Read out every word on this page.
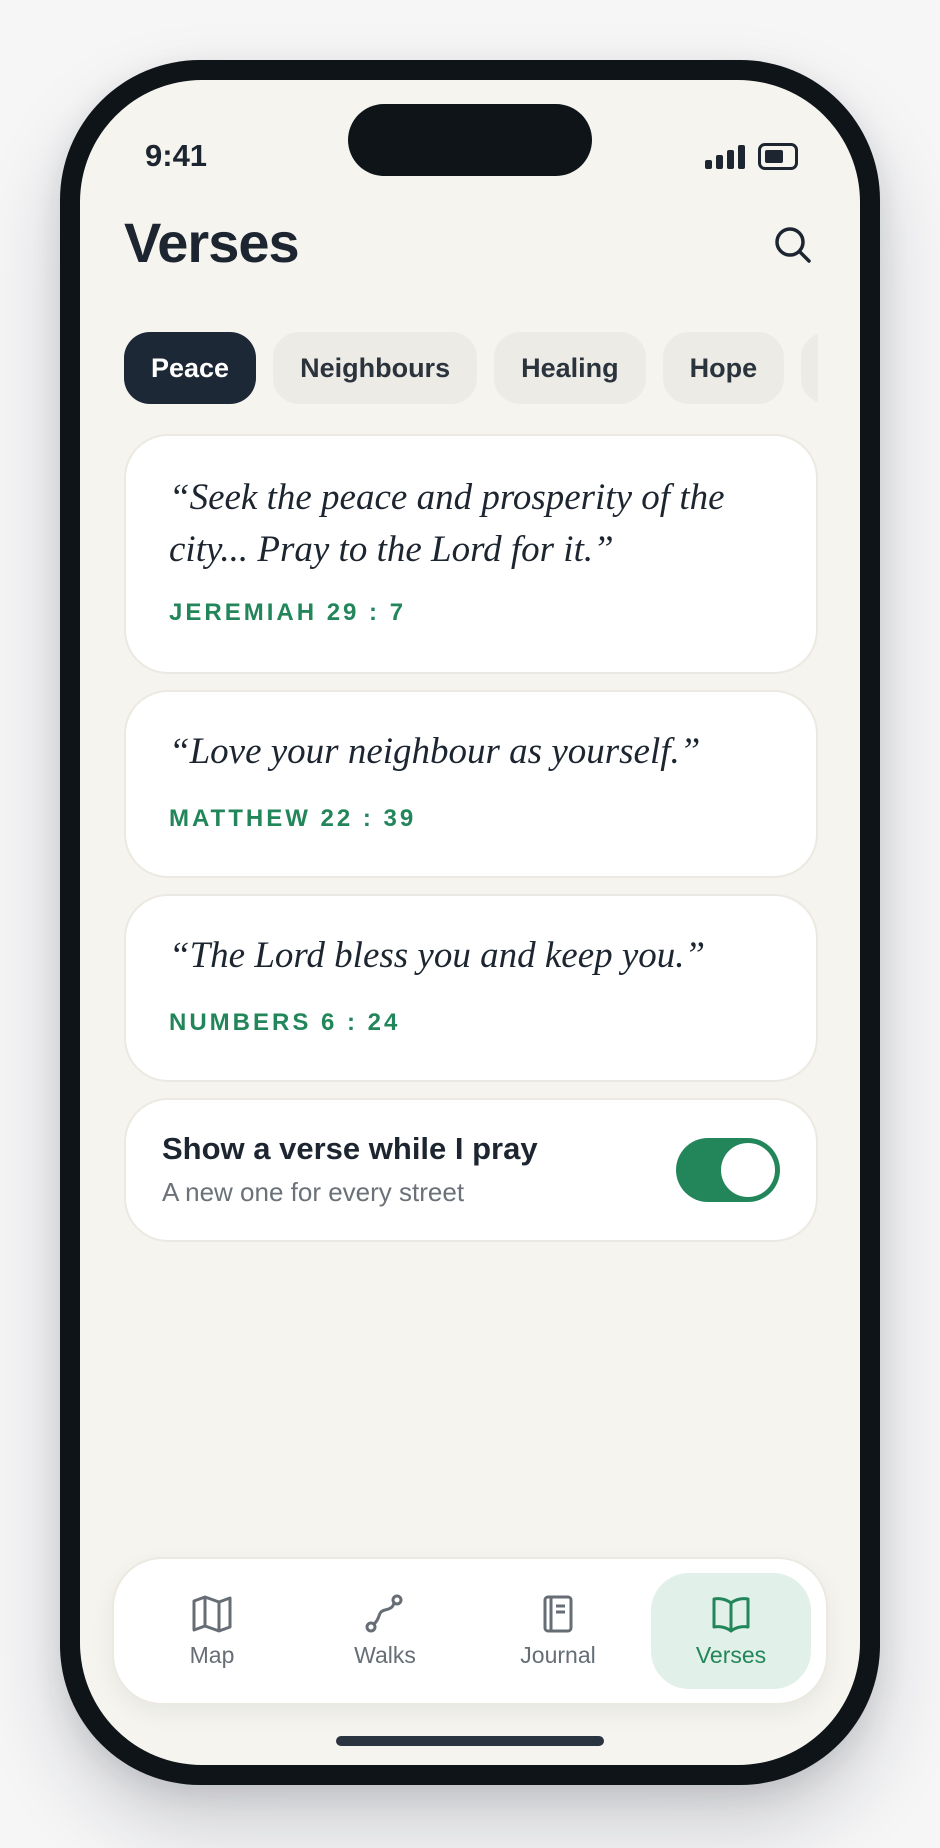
9:41
Verses
Peace	Neighbours	Healing	Hope
“Seek the peace and prosperity of the city... Pray to the Lord for it.”
JEREMIAH 29 : 7
“Love your neighbour as yourself.”
MATTHEW 22 : 39
“The Lord bless you and keep you.”
NUMBERS 6 : 24
Show a verse while I pray
A new one for every street
Map	Walks	Journal	Verses
